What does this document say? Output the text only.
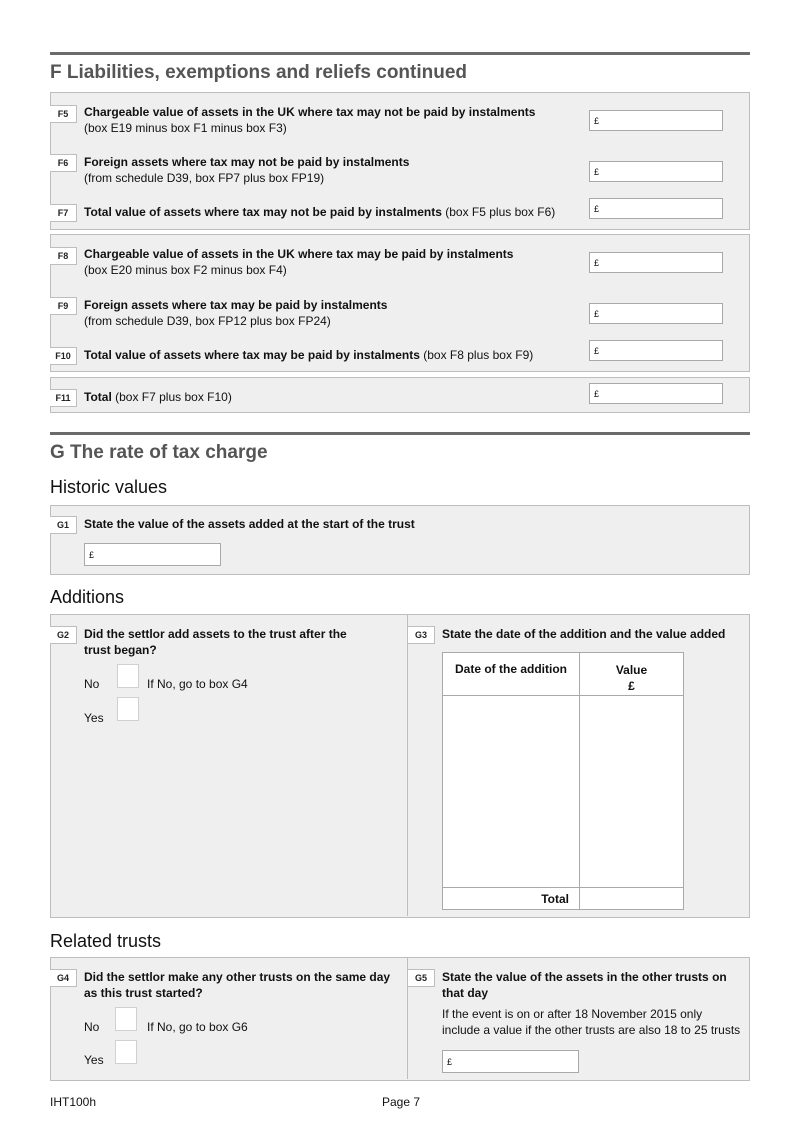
F Liabilities, exemptions and reliefs continued
F5	Chargeable value of assets in the UK where tax may not be paid by instalments
(box E19 minus box F1 minus box F3)	£
F6	Foreign assets where tax may not be paid by instalments
(from schedule D39, box FP7 plus box FP19)	£
F7	Total value of assets where tax may not be paid by instalments (box F5 plus box F6)	£
F8	Chargeable value of assets in the UK where tax may be paid by instalments
(box E20 minus box F2 minus box F4)	£
F9	Foreign assets where tax may be paid by instalments
(from schedule D39, box FP12 plus box FP24)	£
F10	Total value of assets where tax may be paid by instalments (box F8 plus box F9)	£
F11	Total (box F7 plus box F10)	£
G The rate of tax charge
Historic values
G1	State the value of the assets added at the start of the trust
£
Additions
G2	Did the settlor add assets to the trust after the
trust began?
No	If No, go to box G4
Yes
G3	State the date of the addition and the value added
Date of the addition	Value
£
Total
Related trusts
G4	Did the settlor make any other trusts on the same day
as this trust started?
No	If No, go to box G6
Yes
G5	State the value of the assets in the other trusts on
that day
If the event is on or after 18 November 2015 only
include a value if the other trusts are also 18 to 25 trusts
£
IHT100h	Page 7
